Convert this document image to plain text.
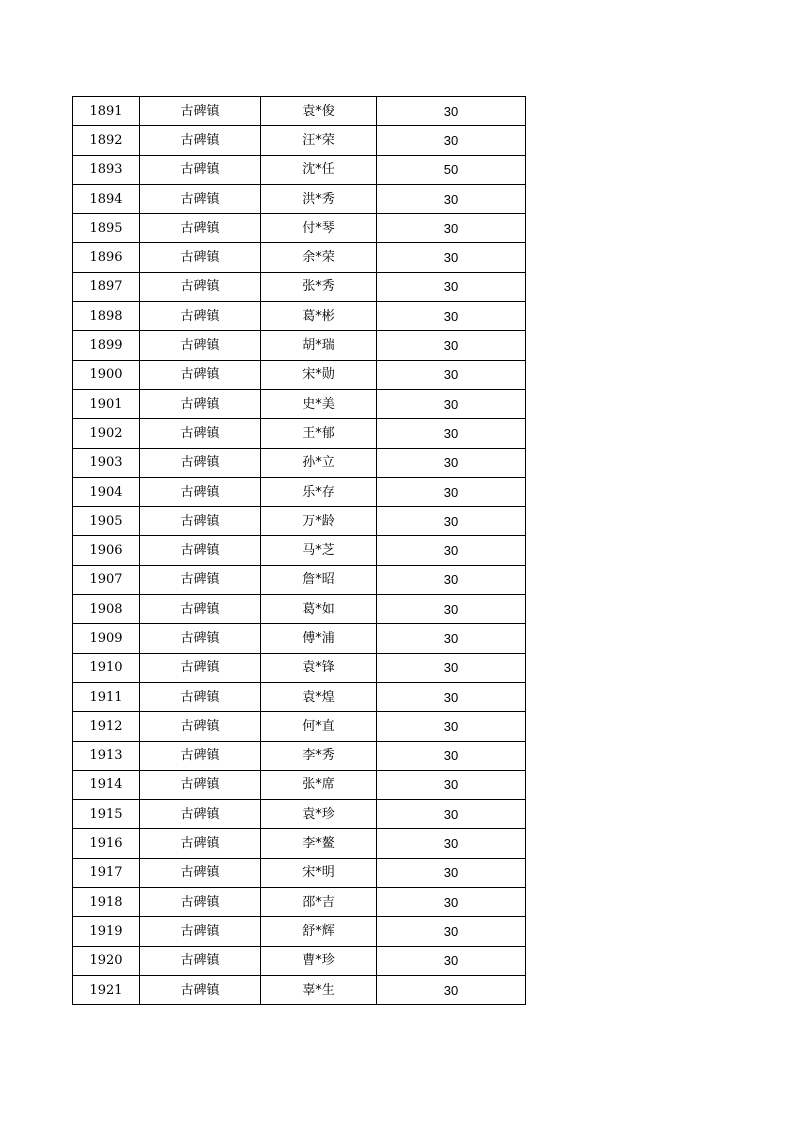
1891	古碑镇	袁*俊	30
1892	古碑镇	汪*荣	30
1893	古碑镇	沈*任	50
1894	古碑镇	洪*秀	30
1895	古碑镇	付*琴	30
1896	古碑镇	余*荣	30
1897	古碑镇	张*秀	30
1898	古碑镇	葛*彬	30
1899	古碑镇	胡*瑞	30
1900	古碑镇	宋*勋	30
1901	古碑镇	史*美	30
1902	古碑镇	王*郁	30
1903	古碑镇	孙*立	30
1904	古碑镇	乐*存	30
1905	古碑镇	万*龄	30
1906	古碑镇	马*芝	30
1907	古碑镇	詹*昭	30
1908	古碑镇	葛*如	30
1909	古碑镇	傅*浦	30
1910	古碑镇	袁*锋	30
1911	古碑镇	袁*煌	30
1912	古碑镇	何*直	30
1913	古碑镇	李*秀	30
1914	古碑镇	张*席	30
1915	古碑镇	袁*珍	30
1916	古碑镇	李*鳌	30
1917	古碑镇	宋*明	30
1918	古碑镇	邵*吉	30
1919	古碑镇	舒*辉	30
1920	古碑镇	曹*珍	30
1921	古碑镇	辜*生	30
